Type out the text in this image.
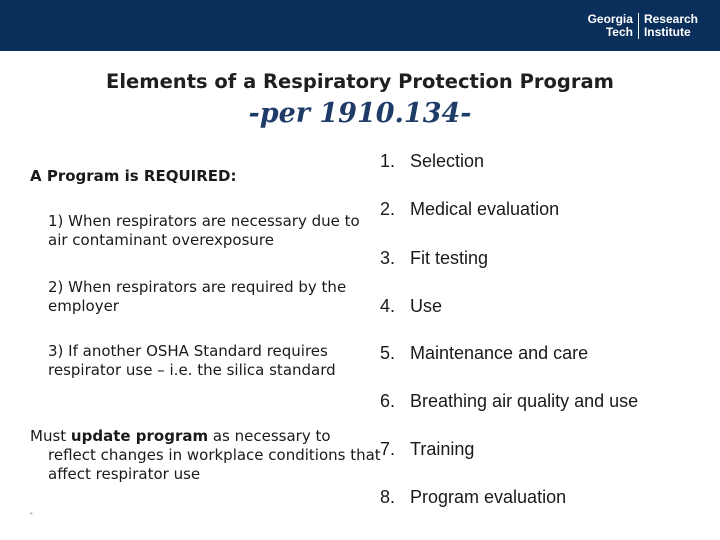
Georgia
Tech
Research
Institute
Elements of a Respiratory Protection Program
-per 1910.134-
A Program is REQUIRED:
1) When respirators are necessary due to air contaminant overexposure
2) When respirators are required by the employer
3) If another OSHA Standard requires respirator use – i.e. the silica standard
Must update program as necessary to reflect changes in workplace conditions that affect respirator use
1. Selection
2. Medical evaluation
3. Fit testing
4. Use
5. Maintenance and care
6. Breathing air quality and use
7. Training
8. Program evaluation
"
